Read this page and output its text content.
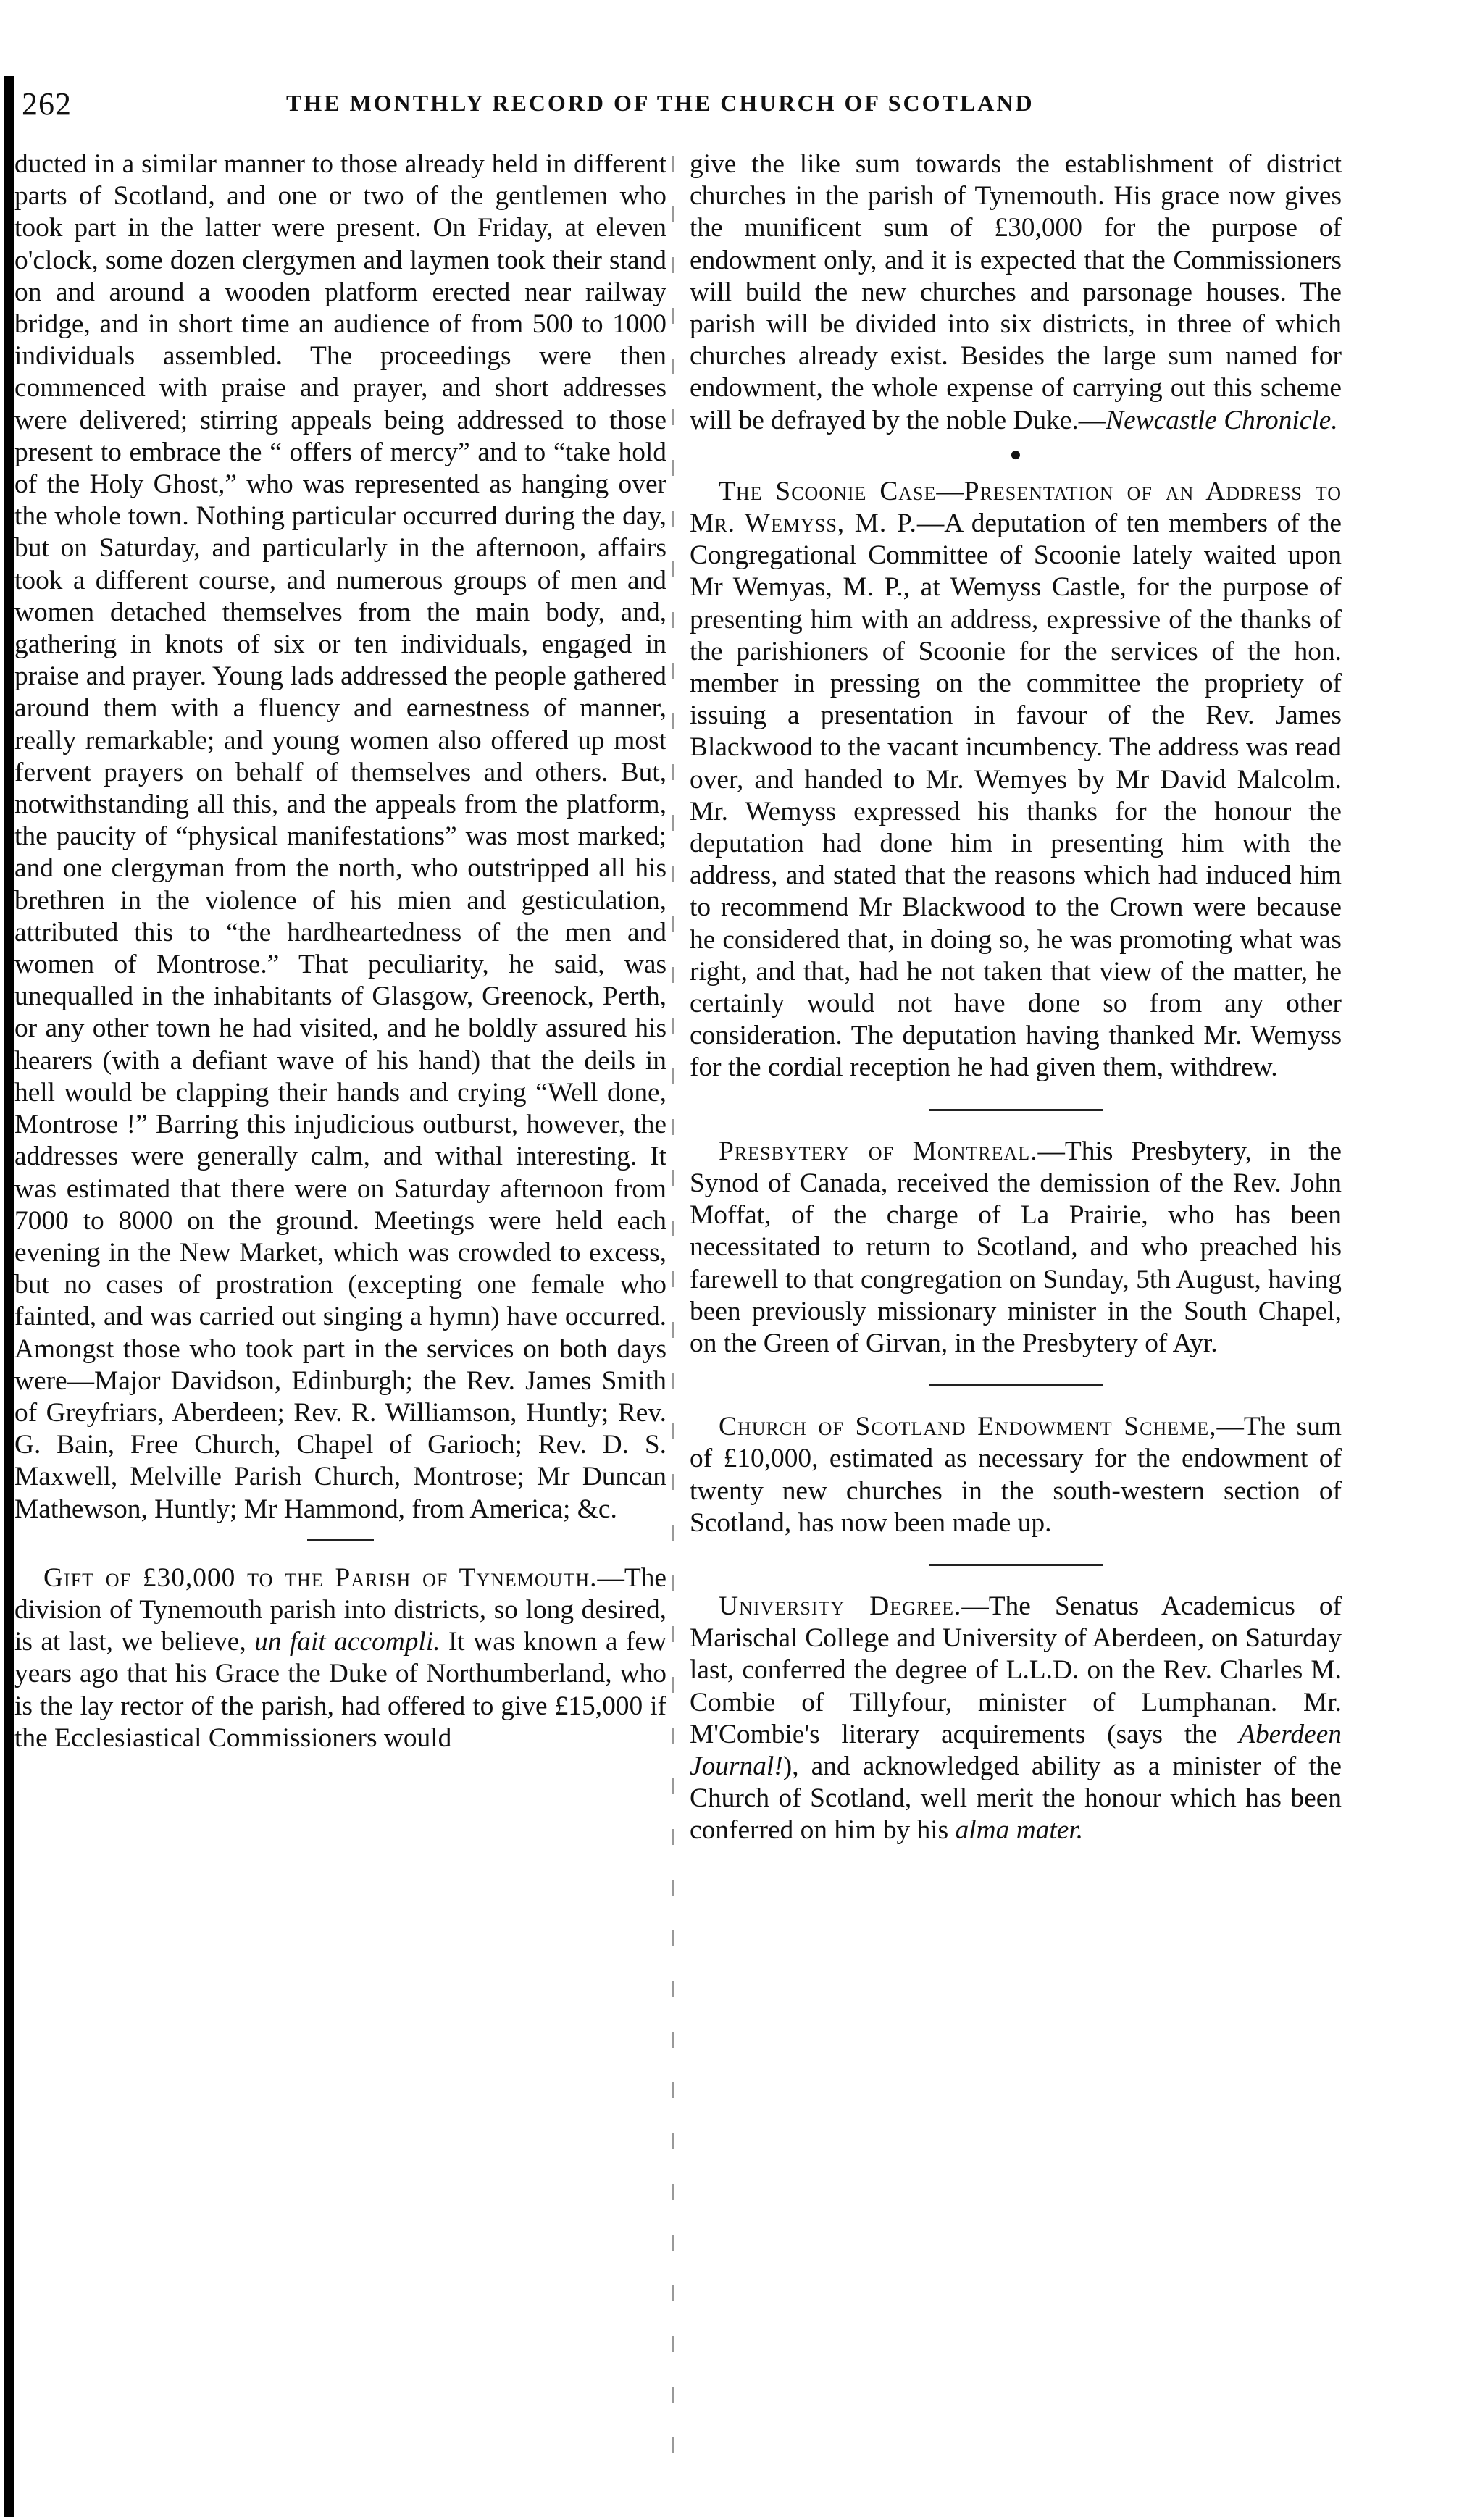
262	THE MONTHLY RECORD OF THE CHURCH OF SCOTLAND

ducted in a similar manner to those already held in different parts of Scotland, and one or two of the gentlemen who took part in the latter were present. On Friday, at eleven o'clock, some dozen clergymen and laymen took their stand on and around a wooden platform erected near railway bridge, and in short time an audience of from 500 to 1000 individuals assembled. The proceedings were then commenced with praise and prayer, and short addresses were delivered; stirring appeals being addressed to those present to embrace the “ offers of mercy” and to “take hold of the Holy Ghost,” who was represented as hanging over the whole town. Nothing particular occurred during the day, but on Saturday, and particularly in the afternoon, affairs took a different course, and numerous groups of men and women detached themselves from the main body, and, gathering in knots of six or ten individuals, engaged in praise and prayer. Young lads addressed the people gathered around them with a fluency and earnestness of manner, really remarkable; and young women also offered up most fervent prayers on behalf of themselves and others. But, notwithstanding all this, and the appeals from the platform, the paucity of “physical manifestations” was most marked; and one clergyman from the north, who outstripped all his brethren in the violence of his mien and gesticulation, attributed this to “the hardheartedness of the men and women of Montrose.” That peculiarity, he said, was unequalled in the inhabitants of Glasgow, Greenock, Perth, or any other town he had visited, and he boldly assured his hearers (with a defiant wave of his hand) that the deils in hell would be clapping their hands and crying “Well done, Montrose !” Barring this injudicious outburst, however, the addresses were generally calm, and withal interesting. It was estimated that there were on Saturday afternoon from 7000 to 8000 on the ground. Meetings were held each evening in the New Market, which was crowded to excess, but no cases of prostration (excepting one female who fainted, and was carried out singing a hymn) have occurred. Amongst those who took part in the services on both days were—Major Davidson, Edinburgh; the Rev. James Smith of Greyfriars, Aberdeen; Rev. R. Williamson, Huntly; Rev. G. Bain, Free Church, Chapel of Garioch; Rev. D. S. Maxwell, Melville Parish Church, Montrose; Mr Duncan Mathewson, Huntly; Mr Hammond, from America; &c.

Gift of £30,000 to the Parish of Tynemouth.—The division of Tynemouth parish into districts, so long desired, is at last, we believe, un fait accompli. It was known a few years ago that his Grace the Duke of Northumberland, who is the lay rector of the parish, had offered to give £15,000 if the Ecclesiastical Commissioners would

give the like sum towards the establishment of district churches in the parish of Tynemouth. His grace now gives the munificent sum of £30,000 for the purpose of endowment only, and it is expected that the Commissioners will build the new churches and parsonage houses. The parish will be divided into six districts, in three of which churches already exist. Besides the large sum named for endowment, the whole expense of carrying out this scheme will be defrayed by the noble Duke.—Newcastle Chronicle.

●

The Scoonie Case—Presentation of an Address to Mr. Wemyss, M. P.—A deputation of ten members of the Congregational Committee of Scoonie lately waited upon Mr Wemyas, M. P., at Wemyss Castle, for the purpose of presenting him with an address, expressive of the thanks of the parishioners of Scoonie for the services of the hon. member in pressing on the committee the propriety of issuing a presentation in favour of the Rev. James Blackwood to the vacant incumbency. The address was read over, and handed to Mr. Wemyes by Mr David Malcolm. Mr. Wemyss expressed his thanks for the honour the deputation had done him in presenting him with the address, and stated that the reasons which had induced him to recommend Mr Blackwood to the Crown were because he considered that, in doing so, he was promoting what was right, and that, had he not taken that view of the matter, he certainly would not have done so from any other consideration. The deputation having thanked Mr. Wemyss for the cordial reception he had given them, withdrew.

Presbytery of Montreal.—This Presbytery, in the Synod of Canada, received the demission of the Rev. John Moffat, of the charge of La Prairie, who has been necessitated to return to Scotland, and who preached his farewell to that congregation on Sunday, 5th August, having been previously missionary minister in the South Chapel, on the Green of Girvan, in the Presbytery of Ayr.

Church of Scotland Endowment Scheme,—The sum of £10,000, estimated as necessary for the endowment of twenty new churches in the south-western section of Scotland, has now been made up.

University Degree.—The Senatus Academicus of Marischal College and University of Aberdeen, on Saturday last, conferred the degree of L.L.D. on the Rev. Charles M. Combie of Tillyfour, minister of Lumphanan. Mr. M'Combie's literary acquirements (says the Aberdeen Journal!), and acknowledged ability as a minister of the Church of Scotland, well merit the honour which has been conferred on him by his alma mater.
